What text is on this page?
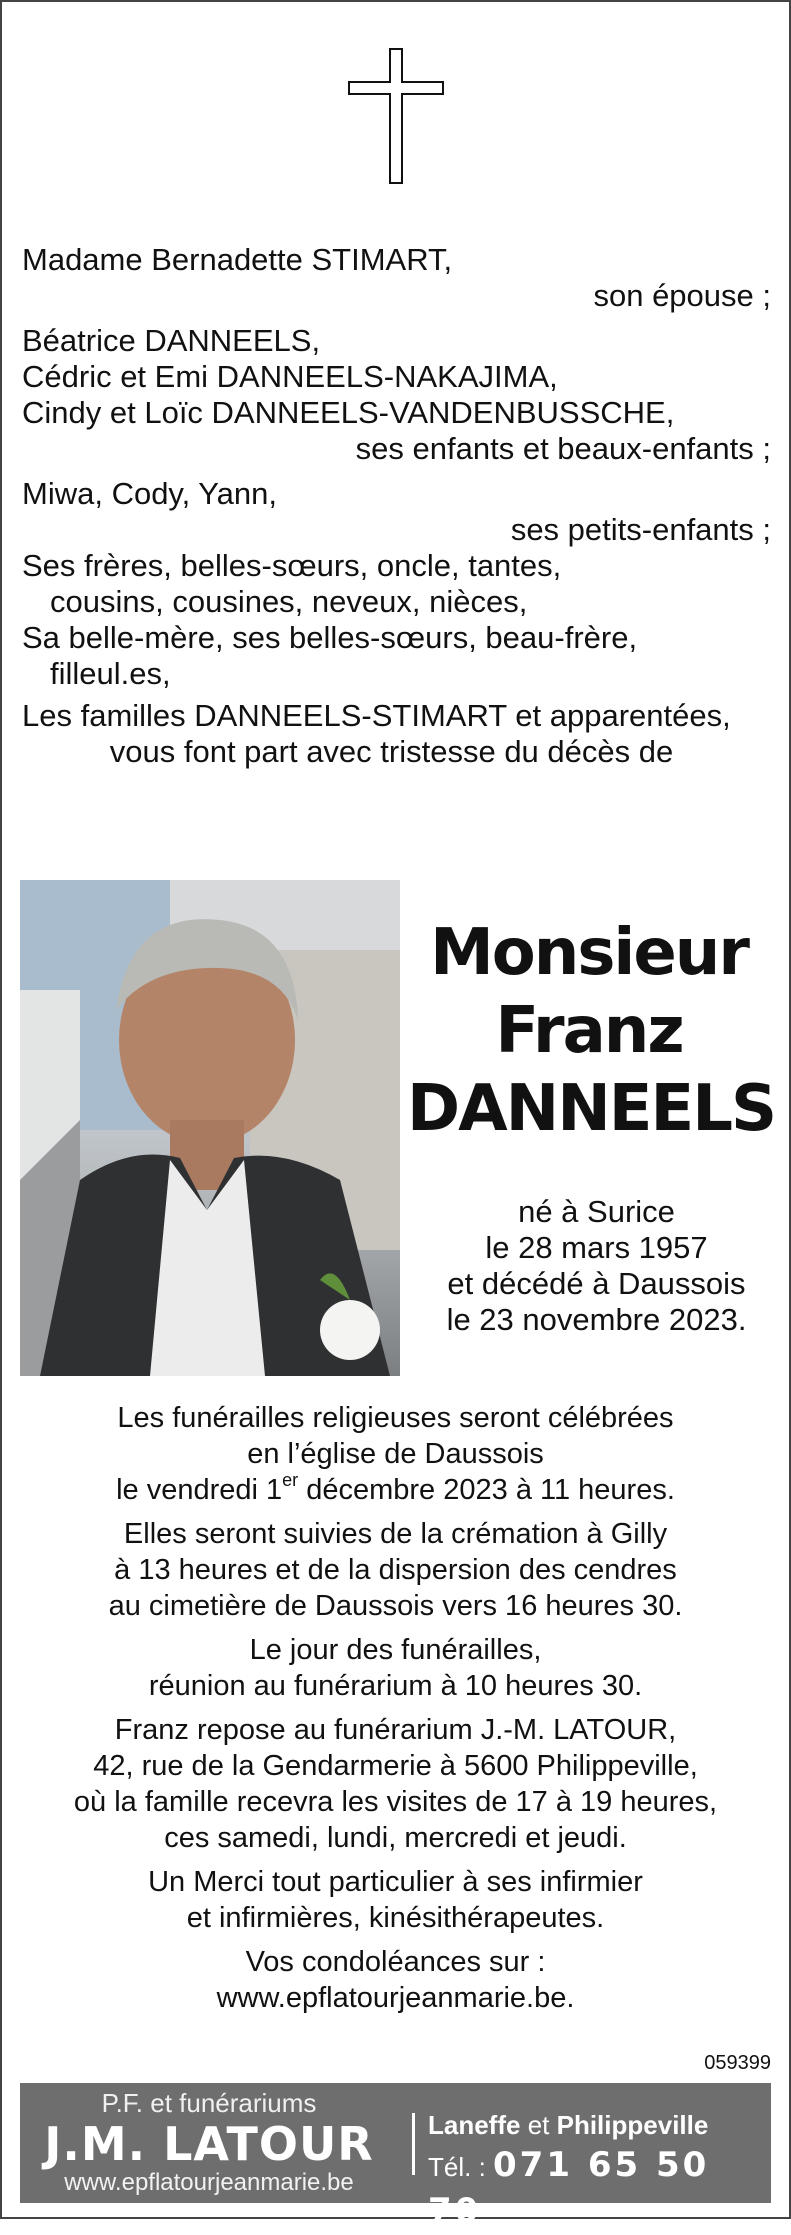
Madame Bernadette STIMART,
son épouse ;
Béatrice DANNEELS,
Cédric et Emi DANNEELS-NAKAJIMA,
Cindy et Loïc DANNEELS-VANDENBUSSCHE,
ses enfants et beaux-enfants ;
Miwa, Cody, Yann,
ses petits-enfants ;
Ses frères, belles-sœurs, oncle, tantes,
cousins, cousines, neveux, nièces,
Sa belle-mère, ses belles-sœurs, beau-frère,
filleul.es,
Les familles DANNEELS-STIMART et apparentées,
vous font part avec tristesse du décès de
Monsieur
Franz
DANNEELS
né à Surice
le 28 mars 1957
et décédé à Daussois
le 23 novembre 2023.
Les funérailles religieuses seront célébrées
en l’église de Daussois
le vendredi 1er décembre 2023 à 11 heures.
Elles seront suivies de la crémation à Gilly
à 13 heures et de la dispersion des cendres
au cimetière de Daussois vers 16 heures 30.
Le jour des funérailles,
réunion au funérarium à 10 heures 30.
Franz repose au funérarium J.-M. LATOUR,
42, rue de la Gendarmerie à 5600 Philippeville,
où la famille recevra les visites de 17 à 19 heures,
ces samedi, lundi, mercredi et jeudi.
Un Merci tout particulier à ses infirmier
et infirmières, kinésithérapeutes.
Vos condoléances sur :
www.epflatourjeanmarie.be.
059399
P.F. et funérariums
J.M. LATOUR
www.epflatourjeanmarie.be
Laneffe et Philippeville
Tél. : 071 65 50 70
